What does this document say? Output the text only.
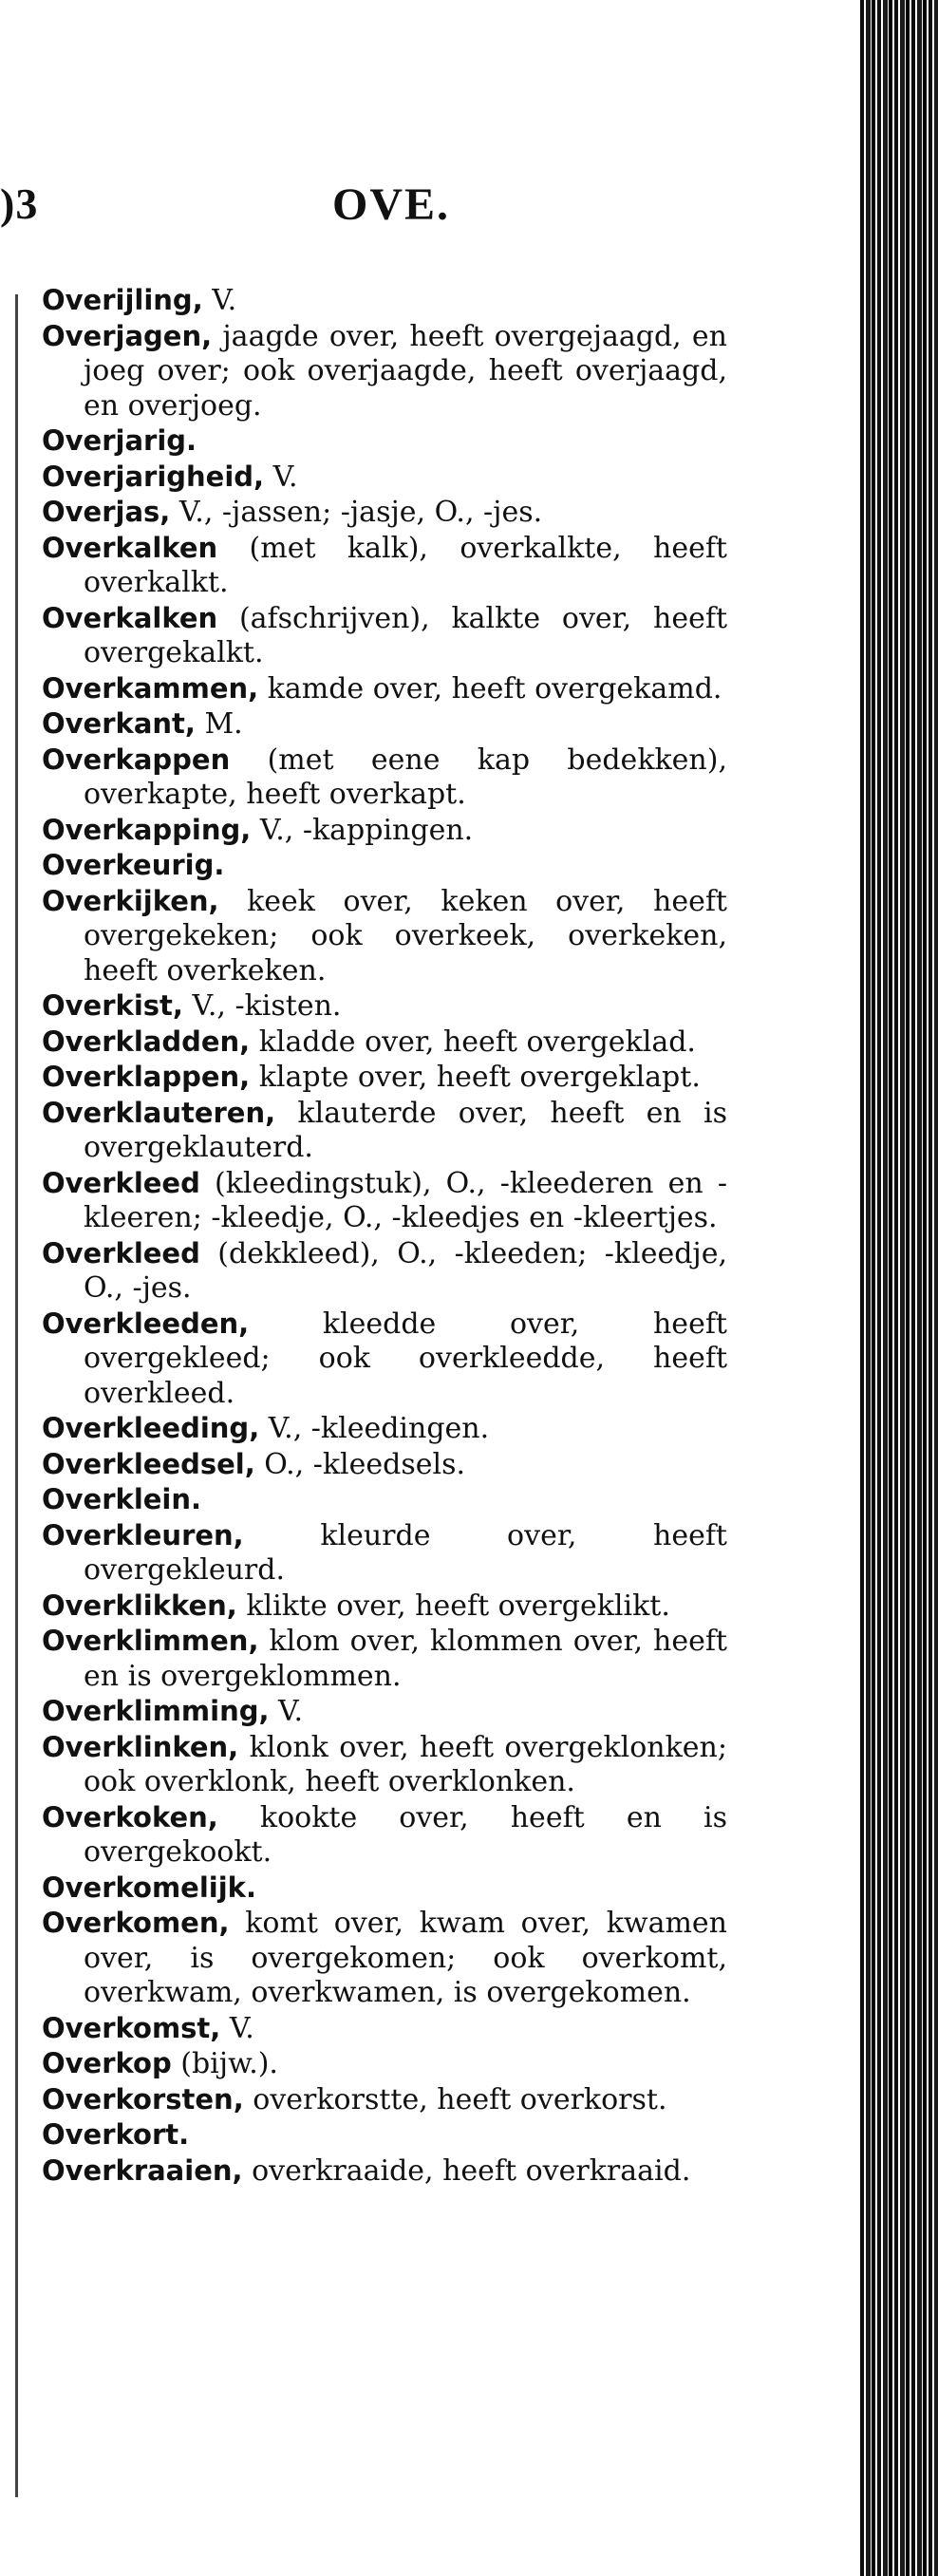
)3	OVE.

Overijling, V.

Overjagen, jaagde over, heeft overgejaagd, en joeg over; ook overjaagde, heeft overjaagd, en overjoeg.

Overjarig.

Overjarigheid, V.

Overjas, V., -jassen; -jasje, O., -jes.

Overkalken (met kalk), overkalkte, heeft overkalkt.

Overkalken (afschrijven), kalkte over, heeft overgekalkt.

Overkammen, kamde over, heeft overgekamd.

Overkant, M.

Overkappen (met eene kap bedekken), overkapte, heeft overkapt.

Overkapping, V., -kappingen.

Overkeurig.

Overkijken, keek over, keken over, heeft overgekeken; ook overkeek, overkeken, heeft overkeken.

Overkist, V., -kisten.

Overkladden, kladde over, heeft overgeklad.

Overklappen, klapte over, heeft overgeklapt.

Overklauteren, klauterde over, heeft en is overgeklauterd.

Overkleed (kleedingstuk), O., -kleederen en -kleeren; -kleedje, O., -kleedjes en -kleertjes.

Overkleed (dekkleed), O., -kleeden; -kleedje, O., -jes.

Overkleeden,	kleedde over, heeft overgekleed; ook overkleedde, heeft overkleed.

Overkleeding, V., -kleedingen.

Overkleedsel, O., -kleedsels.

Overklein.

Overkleuren,	kleurde over, heeft overgekleurd.

Overklikken, klikte over, heeft overgeklikt.

Overklimmen, klom over, klommen over, heeft en is overgeklommen.

Overklimming, V.

Overklinken, klonk over, heeft overgeklonken; ook overklonk, heeft overklonken.

Overkoken, kookte over, heeft en is overgekookt.

Overkomelijk.

Overkomen, komt over, kwam over, kwamen over, is overgekomen; ook overkomt, overkwam, overkwamen, is overgekomen.

Overkomst, V.

Overkop (bijw.).

Overkorsten, overkorstte, heeft overkorst.

Overkort.

Overkraaien, overkraaide, heeft overkraaid.
